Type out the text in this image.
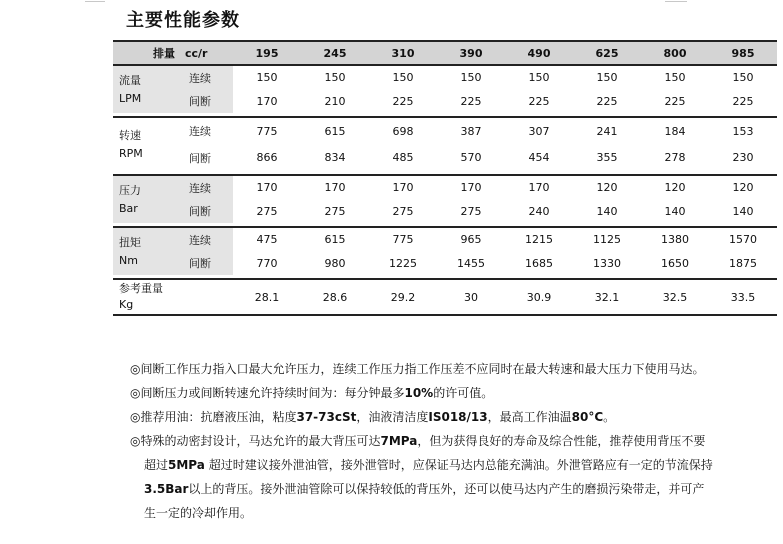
主要性能参数
排量	cc/r	195	245	310	390	490	625	800	985

流量
LPM	连续	150	150	150	150	150	150	150	150
	间断	170	210	225	225	225	225	225	225

转速
RPM	连续	775	615	698	387	307	241	184	153
	间断	866	834	485	570	454	355	278	230

压力
Bar	连续	170	170	170	170	170	120	120	120
	间断	275	275	275	275	240	140	140	140

扭矩
Nm	连续	475	615	775	965	1215	1125	1380	1570
	间断	770	980	1225	1455	1685	1330	1650	1875

参考重量
Kg		28.1	28.6	29.2	30	30.9	32.1	32.5	33.5

◎间断工作压力指入口最大允许压力，连续工作压力指工作压差不应同时在最大转速和最大压力下使用马达。

◎间断压力或间断转速允许持续时间为：每分钟最多10%的许可值。

◎推荐用油：抗磨液压油，粘度37-73cSt，油液清洁度IS018/13，最高工作油温80°C。

◎特殊的动密封设计，马达允许的最大背压可达7MPa，但为获得良好的寿命及综合性能，推荐使用背压不要

超过5MPa 超过时建议接外泄油管，接外泄管时，应保证马达内总能充满油。外泄管路应有一定的节流保持

3.5Bar以上的背压。接外泄油管除可以保持较低的背压外，还可以使马达内产生的磨损污染带走，并可产

生一定的冷却作用。
